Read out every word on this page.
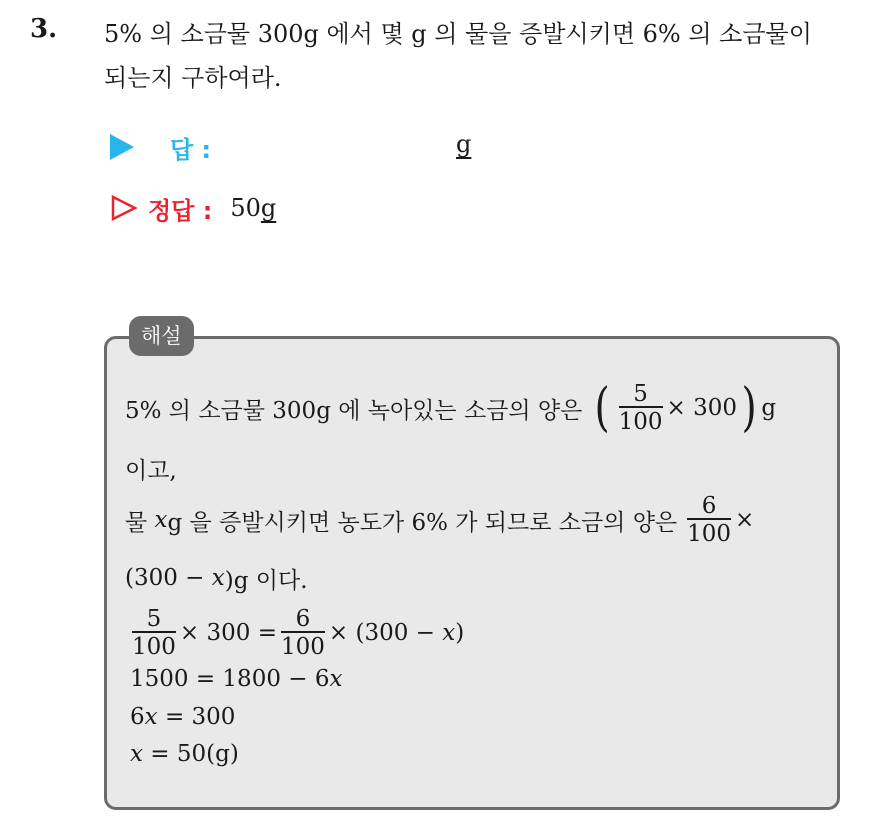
3. 5% 의 소금물 300g 에서 몇 g 의 물을 증발시키면 6% 의 소금물이
되는지 구하여라.
답 :	g
정답 : 50g
해설
5% 의 소금물 300g 에 녹아있는 소금의 양은 ( $\frac{5}{100} \times 300$ ) g
이고,
물
x g 을 증발시키면 농도가 6% 가 되므로 소금의 양은 $\frac{6}{100}$ ×
(300 −
x )g 이다.
$\frac{5}{100} \times 300 = \frac{6}{100} \times (300$ −
x )
1500 = 1800 − 6 x
6 x
= 300
x
= 50(g)
